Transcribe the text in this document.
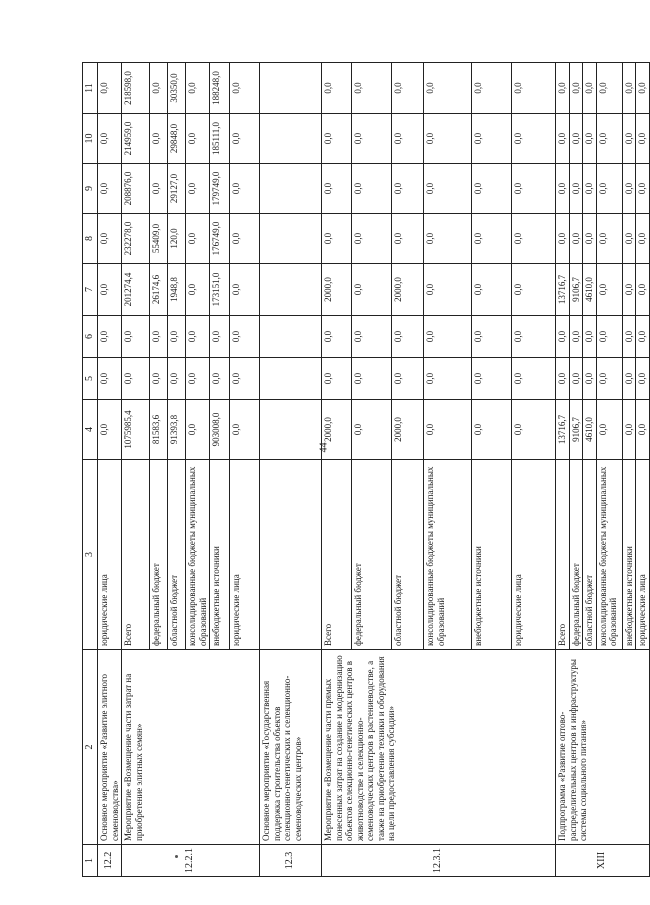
44
1	2	3	4	5	6	7	8	9	10	11
12.2	Основное мероприятие «Развитие элитного семеноводства»	юридические лица	0,0	0,0	0,0	0,0	0,0	0,0	0,0	0,0
12.2.1	Мероприятие «Возмещение части затрат на приобретение элитных семян»	Всего	1075985,4	0,0	0,0	201274,4	232278,0	208876,0	214959,0	218598,0
		федеральный бюджет	81583,6	0,0	0,0	26174,6	55409,0	0,0	0,0	0,0
		областной бюджет	91393,8	0,0	0,0	1948,8	120,0	29127,0	29848,0	30350,0
		консолидированные бюджеты муниципальных образований	0,0	0,0	0,0	0,0	0,0	0,0	0,0	0,0
		внебюджетные источники	903008,0	0,0	0,0	173151,0	176749,0	179749,0	185111,0	188248,0
		юридические лица	0,0	0,0	0,0	0,0	0,0	0,0	0,0	0,0
12.3	Основное мероприятие «Государственная поддержка строительства объектов селекционно-генетических и селекционно-семеноводческих центров»									
12.3.1	Мероприятие «Возмещение части прямых понесенных затрат на создание и модернизацию объектов селекционно-генетических центров в животноводстве и селекционно-семеноводческих центров в растениеводстве, а также на приобретение техники и оборудования на цели предоставления субсидии»	Всего	2000,0	0,0	0,0	2000,0	0,0	0,0	0,0	0,0
		федеральный бюджет	0,0	0,0	0,0	0,0	0,0	0,0	0,0	0,0
		областной бюджет	2000,0	0,0	0,0	2000,0	0,0	0,0	0,0	0,0
		консолидированные бюджеты муниципальных образований	0,0	0,0	0,0	0,0	0,0	0,0	0,0	0,0
		внебюджетные источники	0,0	0,0	0,0	0,0	0,0	0,0	0,0	0,0
		юридические лица	0,0	0,0	0,0	0,0	0,0	0,0	0,0	0,0
XIII	Подпрограмма «Развитие оптово-распределительных центров и инфраструктуры системы социального питания»	Всего	13716,7	0,0	0,0	13716,7	0,0	0,0	0,0	0,0
		федеральный бюджет	9106,7	0,0	0,0	9106,7	0,0	0,0	0,0	0,0
		областной бюджет	4610,0	0,0	0,0	4610,0	0,0	0,0	0,0	0,0
		консолидированные бюджеты муниципальных образований	0,0	0,0	0,0	0,0	0,0	0,0	0,0	0,0
		внебюджетные источники	0,0	0,0	0,0	0,0	0,0	0,0	0,0	0,0
		юридические лица	0,0	0,0	0,0	0,0	0,0	0,0	0,0	0,0
